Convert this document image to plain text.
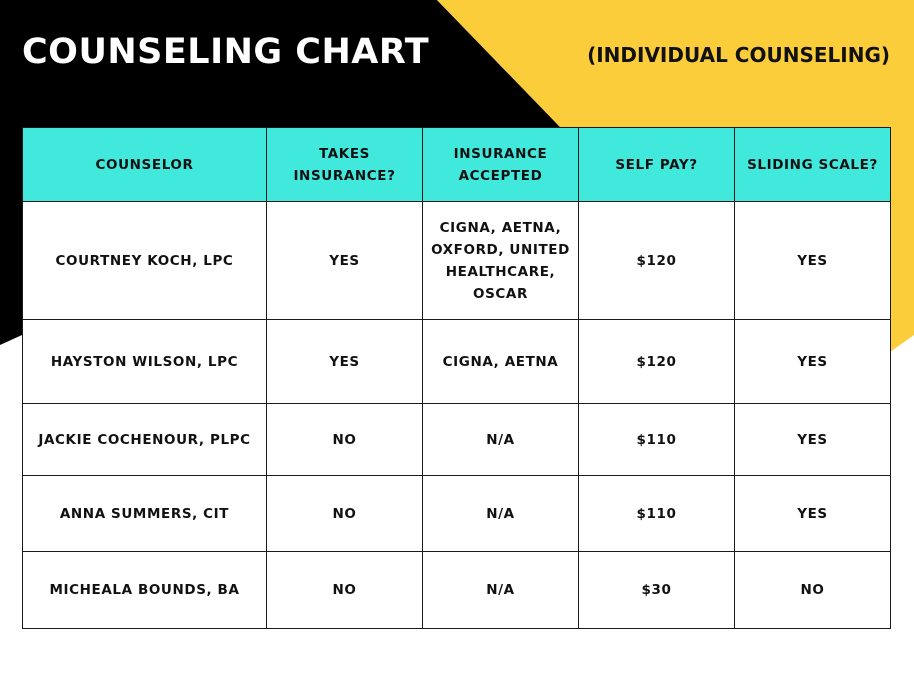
COUNSELING CHART	(INDIVIDUAL COUNSELING)
COUNSELOR	TAKES INSURANCE?	INSURANCE ACCEPTED	SELF PAY?	SLIDING SCALE?
COURTNEY KOCH, LPC	YES	CIGNA, AETNA, OXFORD, UNITED HEALTHCARE, OSCAR	$120	YES
HAYSTON WILSON, LPC	YES	CIGNA, AETNA	$120	YES
JACKIE COCHENOUR, PLPC	NO	N/A	$110	YES
ANNA SUMMERS, CIT	NO	N/A	$110	YES
MICHEALA BOUNDS, BA	NO	N/A	$30	NO
